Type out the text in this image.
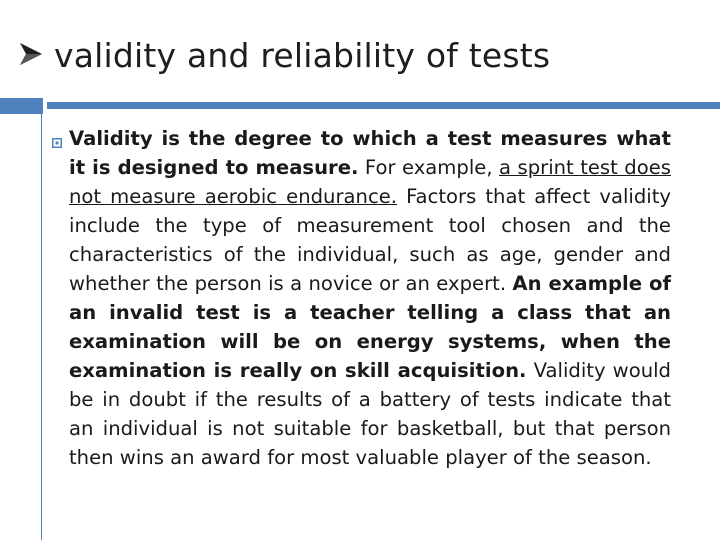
validity and reliability of tests
Validity is the degree to which a test measures what it is designed to measure. For example, a sprint test does not measure aerobic endurance. Factors that affect validity include the type of measurement tool chosen and the characteristics of the individual, such as age, gender and whether the person is a novice or an expert. An example of an invalid test is a teacher telling a class that an examination will be on energy systems, when the examination is really on skill acquisition. Validity would be in doubt if the results of a battery of tests indicate that an individual is not suitable for basketball, but that person then wins an award for most valuable player of the season.
